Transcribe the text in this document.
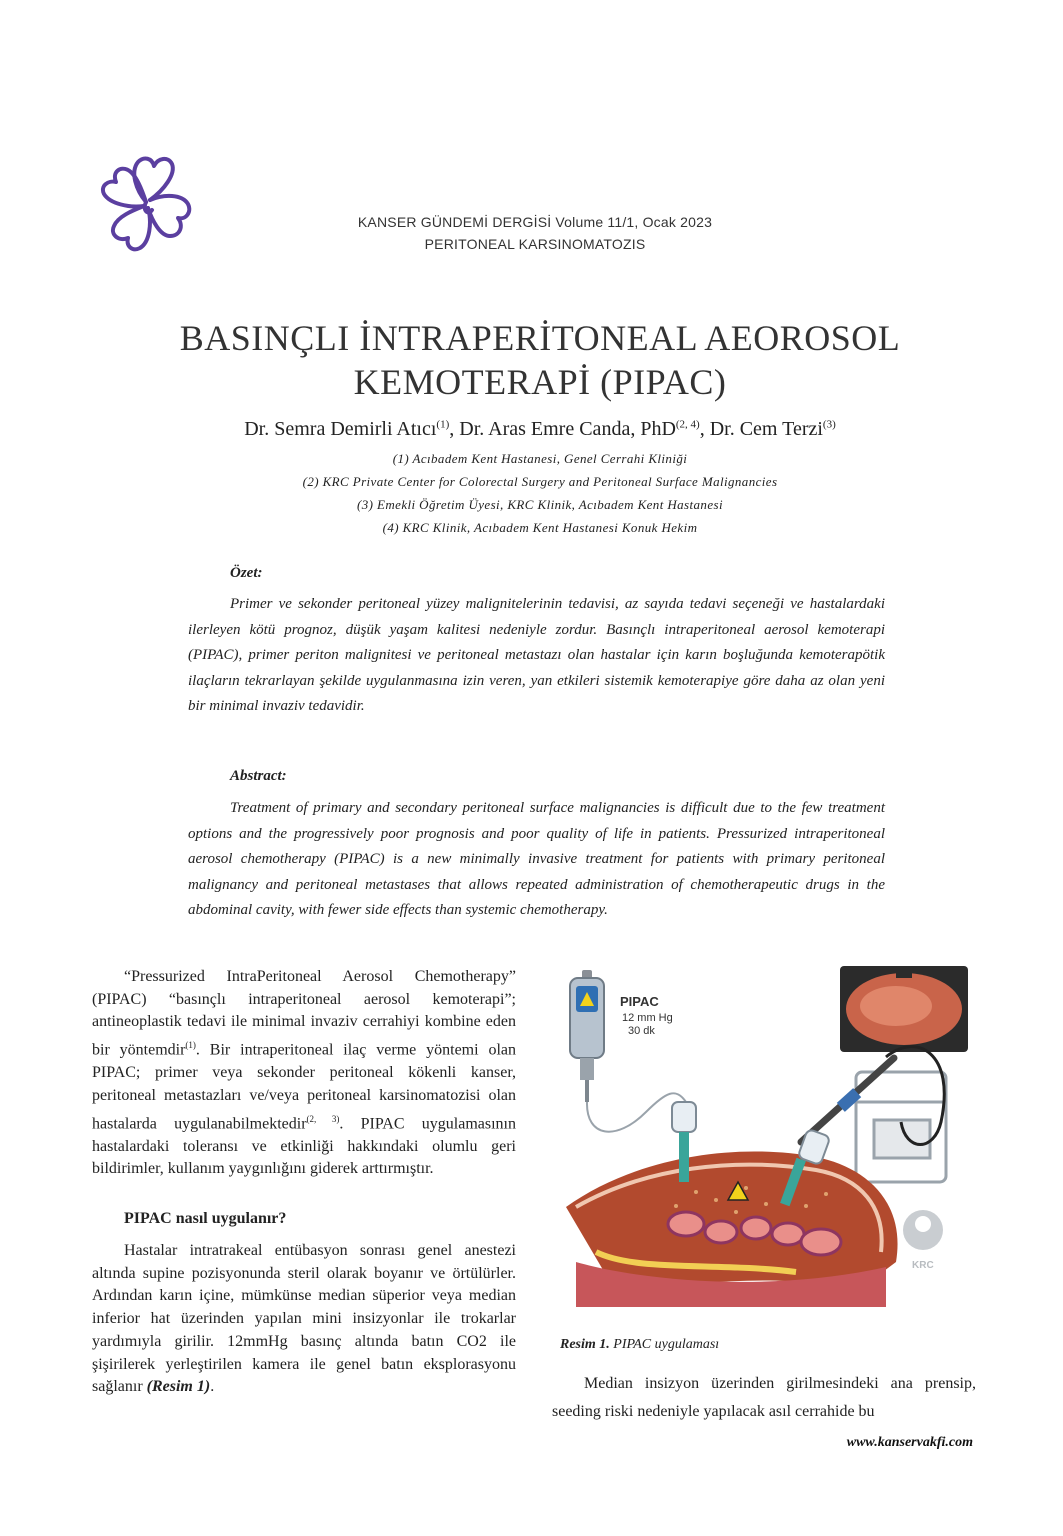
KANSER GÜNDEMİ DERGİSİ Volume 11/1, Ocak 2023
PERITONEAL KARSINOMATOZIS
BASINÇLI İNTRAPERİTONEAL AEOROSOL
KEMOTERAPİ (PIPAC)
Dr. Semra Demirli Atıcı$^{(1)}$, Dr. Aras Emre Canda, PhD$^{(2, 4)}$, Dr. Cem Terzi$^{(3)}$
(1) Acıbadem Kent Hastanesi, Genel Cerrahi Kliniği
(2) KRC Private Center for Colorectal Surgery and Peritoneal Surface Malignancies
(3) Emekli Öğretim Üyesi, KRC Klinik, Acıbadem Kent Hastanesi
(4) KRC Klinik, Acıbadem Kent Hastanesi Konuk Hekim
Özet:
Primer ve sekonder peritoneal yüzey malignitelerinin tedavisi, az sayıda tedavi seçeneği ve hastalardaki ilerleyen kötü prognoz, düşük yaşam kalitesi nedeniyle zordur. Basınçlı intraperitoneal aerosol kemoterapi (PIPAC), primer periton malignitesi ve peritoneal metastazı olan hastalar için karın boşluğunda kemoterapötik ilaçların tekrarlayan şekilde uygulanmasına izin veren, yan etkileri sistemik kemoterapiye göre daha az olan yeni bir minimal invaziv tedavidir.
Abstract:
Treatment of primary and secondary peritoneal surface malignancies is difficult due to the few treatment options and the progressively poor prognosis and poor quality of life in patients. Pressurized intraperitoneal aerosol chemotherapy (PIPAC) is a new minimally invasive treatment for patients with primary peritoneal malignancy and peritoneal metastases that allows repeated administration of chemotherapeutic drugs in the abdominal cavity, with fewer side effects than systemic chemotherapy.
“Pressurized IntraPeritoneal Aerosol Chemotherapy” (PIPAC) “basınçlı intraperitoneal aerosol kemoterapi”; antineoplastik tedavi ile minimal invaziv cerrahiyi kombine eden bir yöntemdir$^{(1)}$. Bir intraperitoneal ilaç verme yöntemi olan PIPAC; primer veya sekonder peritoneal kökenli kanser, peritoneal metastazları ve/veya peritoneal karsinomatozisi olan hastalarda uygulanabilmektedir$^{(2, 3)}$. PIPAC uygulamasının hastalardaki toleransı ve etkinliği hakkındaki olumlu geri bildirimler, kullanım yaygınlığını giderek arttırmıştır.
PIPAC nasıl uygulanır?
Hastalar intratrakeal entübasyon sonrası genel anestezi altında supine pozisyonunda steril olarak boyanır ve örtülürler. Ardından karın içine, mümkünse median süperior veya median inferior hat üzerinden yapılan mini insizyonlar ile trokarlar yardımıyla girilir. 12mmHg basınç altında batın CO2 ile şişirilerek yerleştirilen kamera ile genel batın eksplorasyonu sağlanır (Resim 1).
PIPAC
12 mm Hg
30 dk
KRC
Resim 1. PIPAC uygulaması
Median insizyon üzerinden girilmesindeki ana prensip, seeding riski nedeniyle yapılacak asıl cerrahide bu
www.kanservakfi.com
